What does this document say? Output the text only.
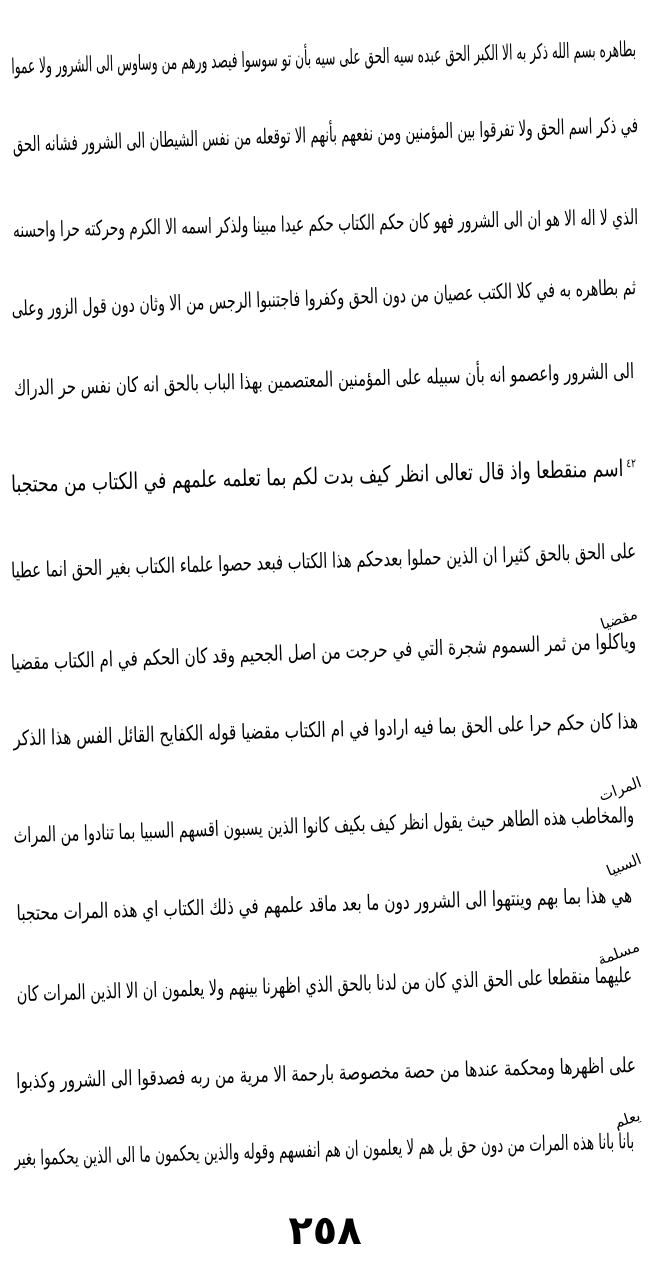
بطاهره بسم الله ذكر به الا الكبر الحق عبده سيه الحق على سيه بأن تو سوسوا فيصد ورهم من وساوس الى الشرور ولا عموا
في ذكر اسم الحق ولا تفرقوا بين المؤمنين ومن نفعهم بأنهم الا توقعله من نفس الشيطان الى الشرور فشانه الحق
الذي لا اله الا هو ان الى الشرور فهو كان حكم الكتاب حكم عيدا مبينا ولذكر اسمه الا الكرم وحركته حرا واحسنه
ثم بطاهره به في كلا الكتب عصيان من دون الحق وكفروا فاجتنبوا الرجس من الا وثان دون قول الزور وعلى
الى الشرور واعصمو انه بأن سبيله على المؤمنين المعتصمين بهذا الباب بالحق انه كان نفس حر الدراك
$^{٤٢}$اسم منقطعا واذ قال تعالى انظر كيف بدت لكم بما تعلمه علمهم في الكتاب من محتجبا
على الحق بالحق كثيرا ان الذين حملوا بعدحكم هذا الكتاب فبعد حصوا علماء الكتاب بغير الحق انما عطيا
وياكلوا من ثمر السموم شجرة التي في حرجت من اصل الجحيم وقد كان الحكم في ام الكتاب مقضيا
هذا كان حكم حرا على الحق بما فيه ارادوا في ام الكتاب مقضيا قوله الكفايح القائل الفس هذا الذكر
والمخاطب هذه الطاهر حيث يقول انظر كيف بكيف كانوا الذين يسبون اقسهم السبيا بما تنادوا من المراث
هي هذا بما بهم وينتهوا الى الشرور دون ما بعد ماقد علمهم في ذلك الكتاب اي هذه المرات محتجبا
عليهما منقطعا على الحق الذي كان من لدنا بالحق الذي اظهرنا بينهم ولا يعلمون ان الا الذين المرات كان
على اظهرها ومحكمة عندها من حصة مخصوصة بارحمة الا مرية من ربه فصدقوا الى الشرور وكذبوا
بانا بانا هذه المرات من دون حق بل هم لا يعلمون ان هم انفسهم وقوله والذين يحكمون ما الى الذين يحكموا بغير
مقضيا
المرات
السبيا
مسلمة
يعلم
٢٥٨
